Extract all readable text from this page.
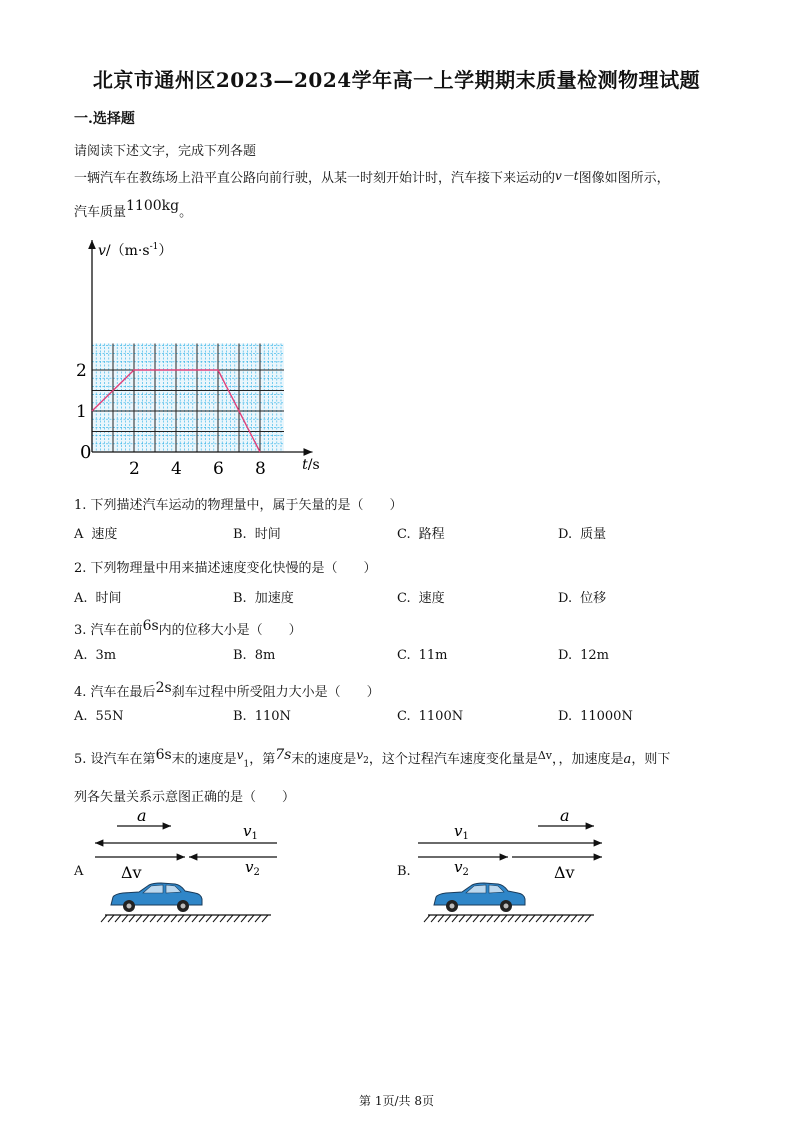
北京市通州区2023—2024学年高一上学期期末质量检测物理试题
一.选择题
请阅读下述文字，完成下列各题
一辆汽车在教练场上沿平直公路向前行驶，从某一时刻开始计时，汽车接下来运动的v－t图像如图所示，
汽车质量1100kg。
0
2 4 6 8
1
2
$v/(m\cdot s^{-1})$
t/s
1. 下列描述汽车运动的物理量中，属于矢量的是（　　）
A 速度	B. 时间	C. 路程	D. 质量
2. 下列物理量中用来描述速度变化快慢的是（　　）
A. 时间	B. 加速度	C. 速度	D. 位移
3. 汽车在前6s内的位移大小是（　　）
A. 3m	B. 8m	C. 11m	D. 12m
4. 汽车在最后2s刹车过程中所受阻力大小是（　　）
A. 55N	B. 110N	C. 1100N	D. 11000N
5. 设汽车在第6s末的速度是$v_1$，第7s末的速度是$v_2$，这个过程汽车速度变化量是$^{\Delta v}$，，加速度是a，则下
列各矢量关系示意图正确的是（　　）
A
a
$v_1$
Δv	$v_2$	B.
a
$v_1$
$v_2$	Δv
第 1页/共 8页
